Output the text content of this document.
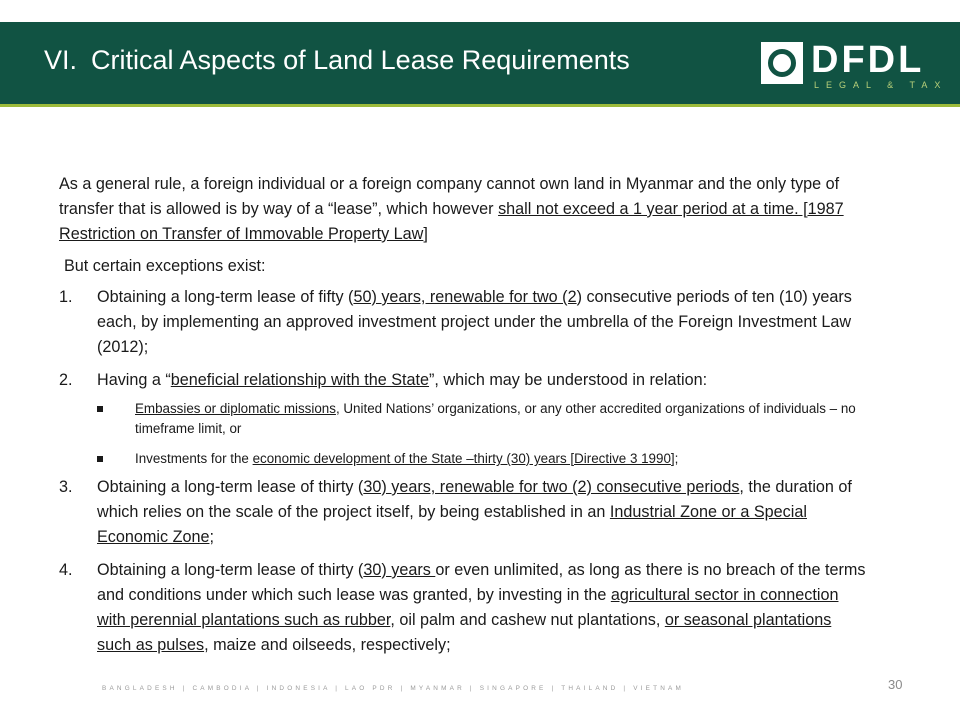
VI. Critical Aspects of Land Lease Requirements	DFDL
LEGAL & TAX

As a general rule, a foreign individual or a foreign company cannot own land in Myanmar and the only type of transfer that is allowed is by way of a “lease”, which however shall not exceed a 1 year period at a time. [1987 Restriction on Transfer of Immovable Property Law]

But certain exceptions exist:

1. Obtaining a long-term lease of fifty (50) years, renewable for two (2) consecutive periods of ten (10) years each, by implementing an approved investment project under the umbrella of the Foreign Investment Law (2012);
2. Having a “beneficial relationship with the State”, which may be understood in relation:
Embassies or diplomatic missions, United Nations’ organizations, or any other accredited organizations of individuals – no timeframe limit, or
Investments for the economic development of the State –thirty (30) years [Directive 3 1990];
3. Obtaining a long-term lease of thirty (30) years, renewable for two (2) consecutive periods, the duration of which relies on the scale of the project itself, by being established in an Industrial Zone or a Special Economic Zone;
4. Obtaining a long-term lease of thirty (30) years or even unlimited, as long as there is no breach of the terms and conditions under which such lease was granted, by investing in the agricultural sector in connection with perennial plantations such as rubber, oil palm and cashew nut plantations, or seasonal plantations such as pulses, maize and oilseeds, respectively;
BANGLADESH | CAMBODIA | INDONESIA | LAO PDR | MYANMAR | SINGAPORE | THAILAND | VIETNAM	30
